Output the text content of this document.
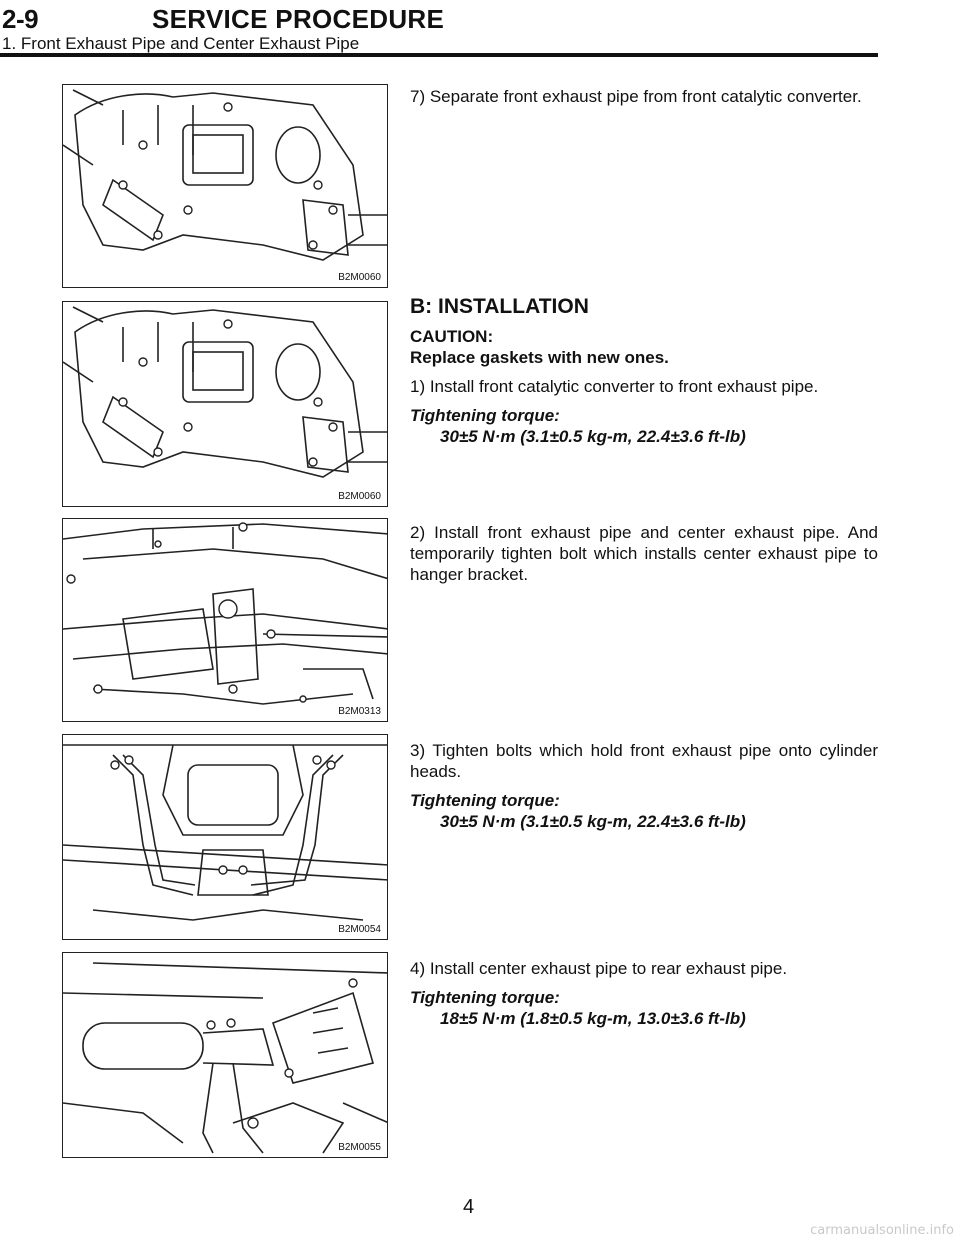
2-9	SERVICE PROCEDURE
1. Front Exhaust Pipe and Center Exhaust Pipe
B2M0060
B2M0060
B2M0313
B2M0054
B2M0055

7) Separate front exhaust pipe from front catalytic converter.

B: INSTALLATION

CAUTION:

Replace gaskets with new ones.

1) Install front catalytic converter to front exhaust pipe.

Tightening torque:

30±5 N·m (3.1±0.5 kg-m, 22.4±3.6 ft-lb)

2) Install front exhaust pipe and center exhaust pipe. And temporarily tighten bolt which installs center exhaust pipe to hanger bracket.

3) Tighten bolts which hold front exhaust pipe onto cylinder heads.

Tightening torque:

30±5 N·m (3.1±0.5 kg-m, 22.4±3.6 ft-lb)

4) Install center exhaust pipe to rear exhaust pipe.

Tightening torque:

18±5 N·m (1.8±0.5 kg-m, 13.0±3.6 ft-lb)

4
carmanualsonline.info
